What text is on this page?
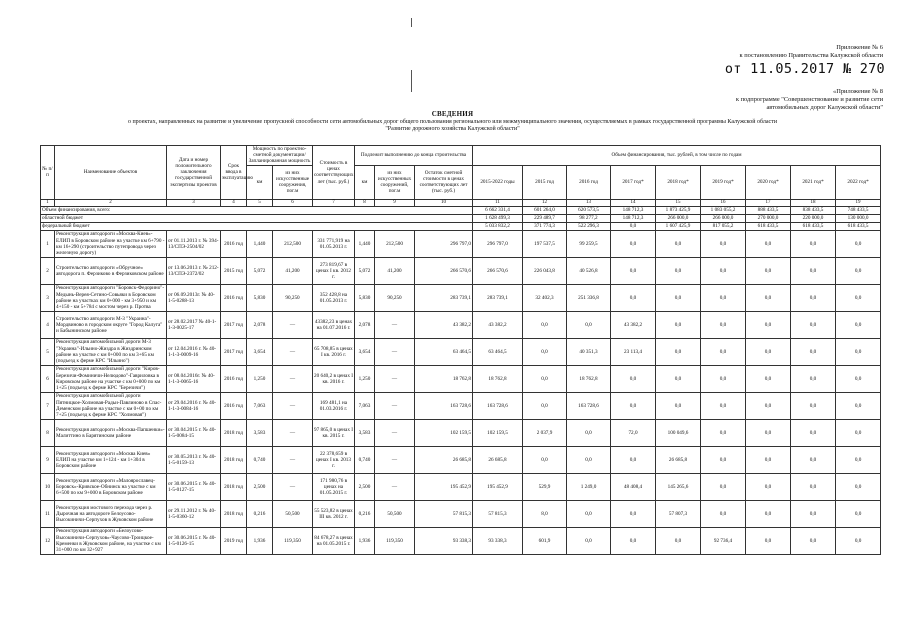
Приложение № 6
к постановлению Правительства Калужской области
от 11.05.2017 № 270
«Приложение № 8
к подпрограмме "Совершенствование и развитие сети
автомобильных дорог Калужской области"
СВЕДЕНИЯ
о проектах, направленных на развитие и увеличение пропускной способности сети автомобильных дорог общего пользования регионального или межмуниципального значения, осуществляемых в рамках государственной программы Калужской области
"Развитие дорожного хозяйства Калужской области"
№ п/п	Наименование объектов	Дата и номер положительного заключения государственной экспертизы проектов	Срок ввода в эксплуатацию	Мощность по проектно-сметной документации/ Запланированная мощность		Стоимость в ценах соответствующих лет (тыс. руб.)	Подлежит выполнению до конца строительства			Объем финансирования, тыс. рублей, в том числе по годам								
				км	из них искусственные сооружения, пог.м		км	из них искусственных сооружений, пог.м	Остаток сметной стоимости в ценах соответствующих лет (тыс. руб.)	2015-2022 годы	2015 год	2016 год	2017 год*	2018 год*	2019 год*	2020 год*	2021 год*	2022 год*

1	2	3	4	5	6	7	8	9	10	11	12	13	14	15	16	17	18	19
Объем финансирования, всего:										6 662 331,4	601 264,0	620 573,5	148 712,3	1 873 425,9	1 083 055,2	888 433,5	838 433,5	748 433,5
областной бюджет										1 628 499,3	229 489,7	98 277,2	148 712,3	266 000,0	266 000,0	270 000,0	220 000,0	130 000,0
федеральный бюджет										5 033 832,2	371 774,3	522 296,3	0,0	1 607 425,9	817 055,2	618 433,5	618 433,5	618 433,5
1	Реконструкция автодороги «Москва-Киев»-ЕЛИП в Боровском районе на участке км 6+790 - км 16+290 (строительство путепровода через железную дорогу)	от 01.11.2013 г. № 394-13/СПЭ-2504/02	2016 год	1,440	212,500	331 771,919 на 01.05.2013 г.	1,440	212,500	296 797,0	296 797,0	197 537,5	99 259,5	0,0	0,0	0,0	0,0	0,0	0,0
2	Строительство автодороги «Обручное» автодорога п. Ферзиково в Ферзиковском районе	от 13.06.2013 г. № 212-13/СПЭ-2372/02	2015 год	5,072	41,200	273 819,67 в ценах I кв. 2012 г.	5,072	41,200	266 570,6	266 570,6	226 043,8	40 526,8	0,0	0,0	0,0	0,0	0,0	0,0
3	Реконструкция автодороги "Боровск-Федорино"-Медынь-Верея-Сетино-Совьяки в Боровском районе на участках км 0+000 - км 3+950 и км 4+150 - км 5+784 с мостом через р. Протва	от 06.09.2013г. № 40-1-5-0288-13	2016 год	5,830	90,250	352 428,8 на 01.05.2013 г.	5,830	90,250	283 739,1	283 739,1	32 402,3	251 336,8	0,0	0,0	0,0	0,0	0,0	0,0
4	Строительство автодороги М-3 "Украина"-Мордвиново в городском округе "Город Калуга" и Бабынинском районе	от 28.02.2017 № 40-1-1-3-0025-17	2017 год	2,078	—	43382,23 в ценах на 01.07.2016 г.	2,078	—	43 382,2	43 382,2	0,0	0,0	43 382,2	0,0	0,0	0,0	0,0	0,0
5	Реконструкция автомобильной дороги М-3 "Украина"-Ильино-Жиздра в Жиздринском районе на участке с км 0+000 по км 3+65 км (подъезд к ферме КРС "Ильино")	от 12.04.2016 г. № 40-1-1-3-0009-16	2017 год	3,654	—	65 708,85 в ценах I кв. 2016 г.	3,654	—	63 464,5	63 464,5	0,0	40 351,3	23 113,4	0,0	0,0	0,0	0,0	0,0
6	Реконструкция автомобильной дороги "Киров-Березичи-Фоминичи-Нелюдово"-Гавриловка в Кировском районе на участке с км 0+000 по км 1+25 (подъезд к ферме КРС "Березичи")	от 08.04.2016г. № 40-1-1-3-0065-16	2016 год	1,250	—	20 640,2 в ценах I кв. 2016 г.	1,250	—	18 762,8	18 762,8	0,0	18 762,8	0,0	0,0	0,0	0,0	0,0	0,0
7	Реконструкция автомобильной дороги Пятницкое-Холмовая-Радьи-Павлиново в Спас-Деменском районе на участке с км 0+00 по км 7+25 (подъезд к ферме КРС "Холмовая")	от 29.04.2016 г. № 40-1-1-3-0084-16	2016 год	7,063	—	169 481,1 на 01.03.2016 г.	7,063	—	163 728,6	163 728,6	0,0	163 728,6	0,0	0,0	0,0	0,0	0,0	0,0
8	Реконструкция автодороги «Москва-Папшенки»-Малиттино в Барятинском районе	от 30.04.2015 г. № 40-1-5-0084-15	2018 год	3,583	—	97 865,0 в ценах I кв. 2015 г.	3,583	—	102 159,5	102 159,5	2 037,9	0,0	72,0	100 049,6	0,0	0,0	0,0	0,0
9	Реконструкция автодороги «Москва Киев» ЕЛИП на участке км 1+124 - км 1+304 в Боровском районе	от 30.05.2013 г. № 40-1-5-0159-13	2018 год	0,740	—	22 378,659 в ценах I кв. 2013 г.	0,740	—	26 685,8	26 685,8	0,0	0,0	0,0	26 685,8	0,0	0,0	0,0	0,0
10	Реконструкция автодороги «Малоярославец-Боровск»-Кривское-Обнинск на участке с км 6+500 по км 9+000 в Боровском районе	от 30.06.2015 г. № 40-1-5-0127-15	2018 год	2,500	—	171 980,76 в ценах на 01.05.2015 г.	2,500	—	195 452,9	195 452,9	529,9	1 249,0	48 408,4	145 265,6	0,0	0,0	0,0	0,0
11	Реконструкция мостового перехода через р. Дырочная на автодороге Белоусово-Высокиничи-Серпухов в Жуковском районе	от 29.11.2012 г. № 40-1-5-0360-12	2018 год	0,216	50,500	55 523,82 в ценах III кв. 2012 г.	0,216	50,500	57 815,3	57 815,3	8,0	0,0	0,0	57 807,3	0,0	0,0	0,0	0,0
12	Реконструкция автодороги «Белоусово-Высокиничи-Серпухов»-Чаусово-Троицкое-Кременки в Жуковском районе, на участке с км 31+000 по км 32+927	от 30.06.2015 г. № 40-1-5-0126-15	2019 год	1,936	119,350	84 678,27 в ценах на 01.05.2015 г.	1,936	119,350	93 338,3	93 338,3	601,9	0,0	0,0	0,0	92 736,4	0,0	0,0	0,0
